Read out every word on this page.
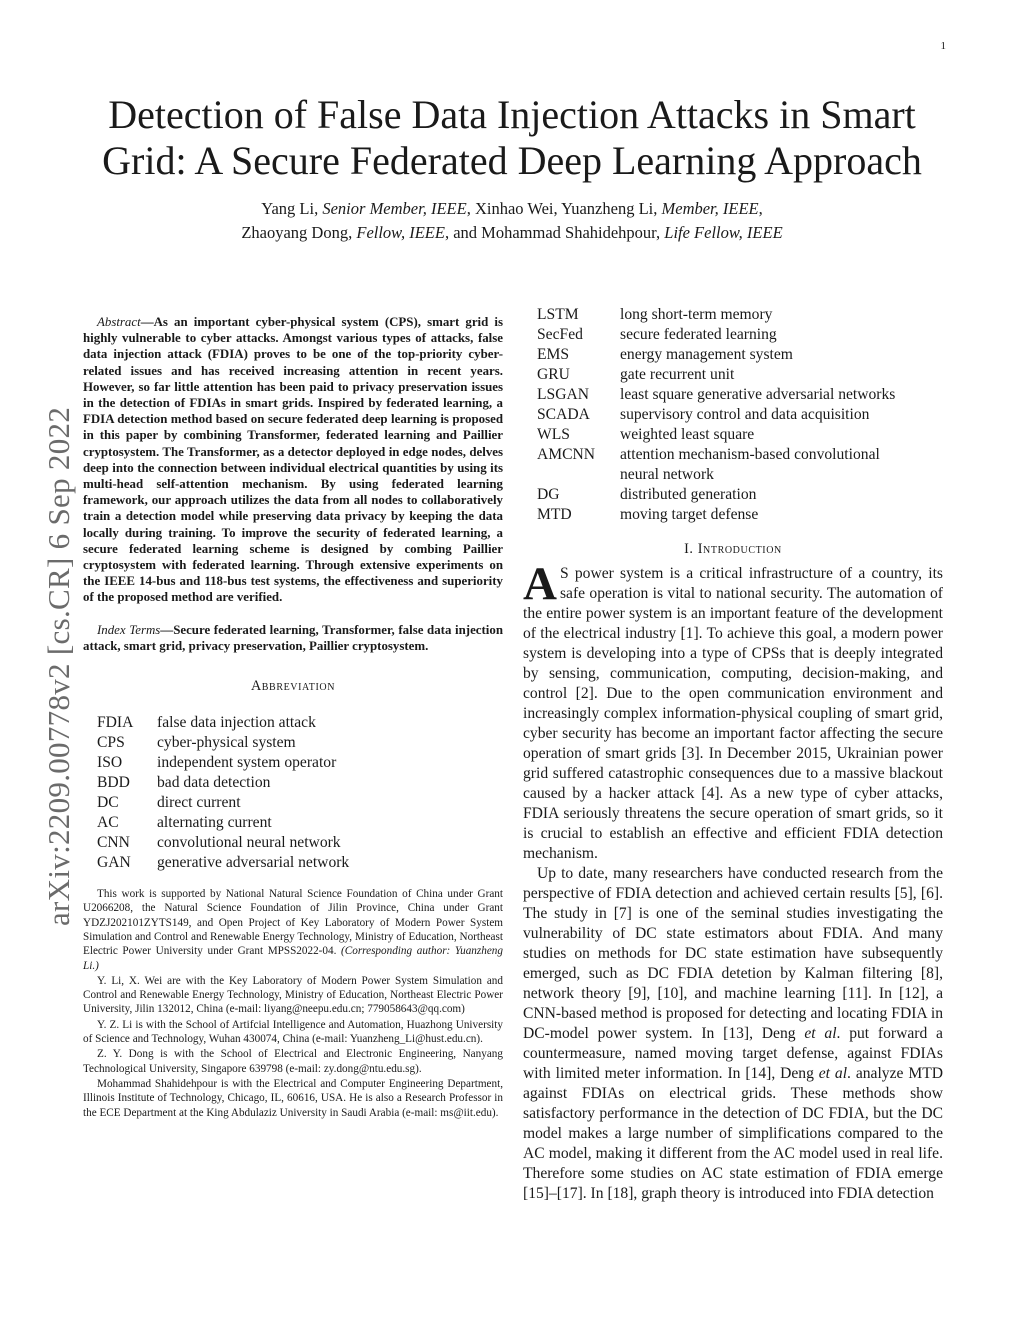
1
arXiv:2209.00778v2 [cs.CR] 6 Sep 2022
Detection of False Data Injection Attacks in Smart
Grid: A Secure Federated Deep Learning Approach
Yang Li, Senior Member, IEEE, Xinhao Wei, Yuanzheng Li, Member, IEEE,
Zhaoyang Dong, Fellow, IEEE, and Mohammad Shahidehpour, Life Fellow, IEEE

Abstract—As an important cyber-physical system (CPS), smart grid is highly vulnerable to cyber attacks. Amongst various types of attacks, false data injection attack (FDIA) proves to be one of the top-priority cyber-related issues and has received increasing attention in recent years. However, so far little attention has been paid to privacy preservation issues in the detection of FDIAs in smart grids. Inspired by federated learning, a FDIA detection method based on secure federated deep learning is proposed in this paper by combining Transformer, federated learning and Paillier cryptosystem. The Transformer, as a detector deployed in edge nodes, delves deep into the connection between individual electrical quantities by using its multi-head self-attention mechanism. By using federated learning framework, our approach utilizes the data from all nodes to collaboratively train a detection model while preserving data privacy by keeping the data locally during training. To improve the security of federated learning, a secure federated learning scheme is designed by combing Paillier cryptosystem with federated learning. Through extensive experiments on the IEEE 14-bus and 118-bus test systems, the effectiveness and superiority of the proposed method are verified.

Index Terms—Secure federated learning, Transformer, false data injection attack, smart grid, privacy preservation, Paillier cryptosystem.

Abbreviation

FDIA	false data injection attack
CPS	cyber-physical system
ISO	independent system operator
BDD	bad data detection
DC	direct current
AC	alternating current
CNN	convolutional neural network
GAN	generative adversarial network

This work is supported by National Natural Science Foundation of China under Grant U2066208, the Natural Science Foundation of Jilin Province, China under Grant YDZJ202101ZYTS149, and Open Project of Key Laboratory of Modern Power System Simulation and Control and Renewable Energy Technology, Ministry of Education, Northeast Electric Power University under Grant MPSS2022-04. (Corresponding author: Yuanzheng Li.)

Y. Li, X. Wei are with the Key Laboratory of Modern Power System Simulation and Control and Renewable Energy Technology, Ministry of Education, Northeast Electric Power University, Jilin 132012, China (e-mail: liyang@neepu.edu.cn; 779058643@qq.com)

Y. Z. Li is with the School of Artifcial Intelligence and Automation, Huazhong University of Science and Technology, Wuhan 430074, China (e-mail: Yuanzheng_Li@hust.edu.cn).

Z. Y. Dong is with the School of Electrical and Electronic Engineering, Nanyang Technological University, Singapore 639798 (e-mail: zy.dong@ntu.edu.sg).

Mohammad Shahidehpour is with the Electrical and Computer Engineering Department, Illinois Institute of Technology, Chicago, IL, 60616, USA. He is also a Research Professor in the ECE Department at the King Abdulaziz University in Saudi Arabia (e-mail: ms@iit.edu).

LSTM	long short-term memory
SecFed	secure federated learning
EMS	energy management system
GRU	gate recurrent unit
LSGAN	least square generative adversarial networks
SCADA	supervisory control and data acquisition
WLS	weighted least square
AMCNN	attention mechanism-based convolutional
	neural network
DG	distributed generation
MTD	moving target defense

I. Introduction

A S power system is a critical infrastructure of a country, its safe operation is vital to national security. The automation of the entire power system is an important feature of the development of the electrical industry [1]. To achieve this goal, a modern power system is developing into a type of CPSs that is deeply integrated by sensing, communication, computing, decision-making, and control [2]. Due to the open communication environment and increasingly complex information-physical coupling of smart grid, cyber security has become an important factor affecting the secure operation of smart grids [3]. In December 2015, Ukrainian power grid suffered catastrophic consequences due to a massive blackout caused by a hacker attack [4]. As a new type of cyber attacks, FDIA seriously threatens the secure operation of smart grids, so it is crucial to establish an effective and efficient FDIA detection mechanism.

Up to date, many researchers have conducted research from the perspective of FDIA detection and achieved certain results [5], [6]. The study in [7] is one of the seminal studies investigating the vulnerability of DC state estimators about FDIA. And many studies on methods for DC state estimation have subsequently emerged, such as DC FDIA detetion by Kalman filtering [8], network theory [9], [10], and machine learning [11]. In [12], a CNN-based method is proposed for detecting and locating FDIA in DC-model power system. In [13], Deng et al. put forward a countermeasure, named moving target defense, against FDIAs with limited meter information. In [14], Deng et al. analyze MTD against FDIAs on electrical grids. These methods show satisfactory performance in the detection of DC FDIA, but the DC model makes a large number of simplifications compared to the AC model, making it different from the AC model used in real life. Therefore some studies on AC state estimation of FDIA emerge [15]–[17]. In [18], graph theory is introduced into FDIA detection
